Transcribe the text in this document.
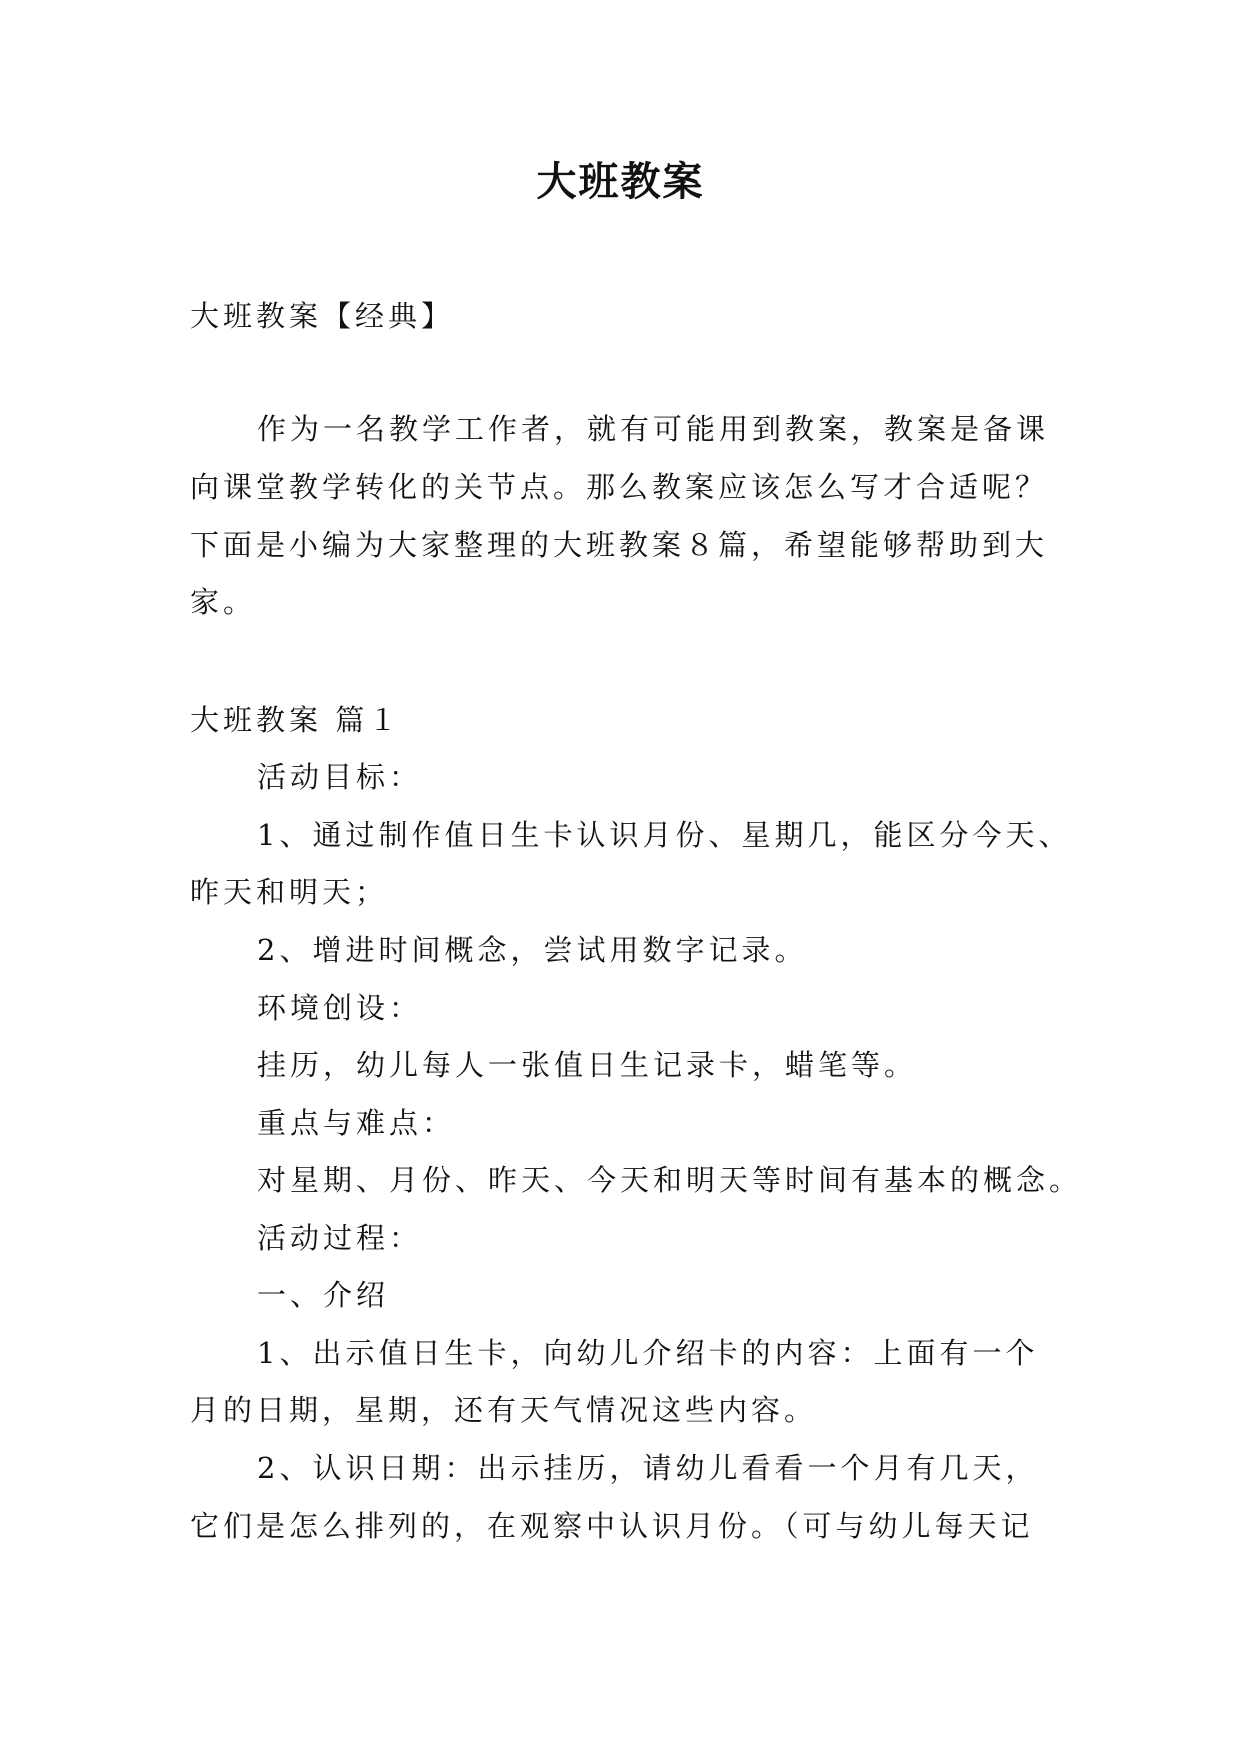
大班教案

大班教案【经典】

作为一名教学工作者，就有可能用到教案，教案是备课

向课堂教学转化的关节点。那么教案应该怎么写才合适呢？

下面是小编为大家整理的大班教案８篇，希望能够帮助到大

家。

大班教案 篇１

活动目标：

1、通过制作值日生卡认识月份、星期几，能区分今天、

昨天和明天；

2、增进时间概念，尝试用数字记录。

环境创设：

挂历，幼儿每人一张值日生记录卡，蜡笔等。

重点与难点：

对星期、月份、昨天、今天和明天等时间有基本的概念。

活动过程：

一、介绍

1、出示值日生卡，向幼儿介绍卡的内容：上面有一个

月的日期，星期，还有天气情况这些内容。

2、认识日期：出示挂历，请幼儿看看一个月有几天，

它们是怎么排列的，在观察中认识月份。（可与幼儿每天记
